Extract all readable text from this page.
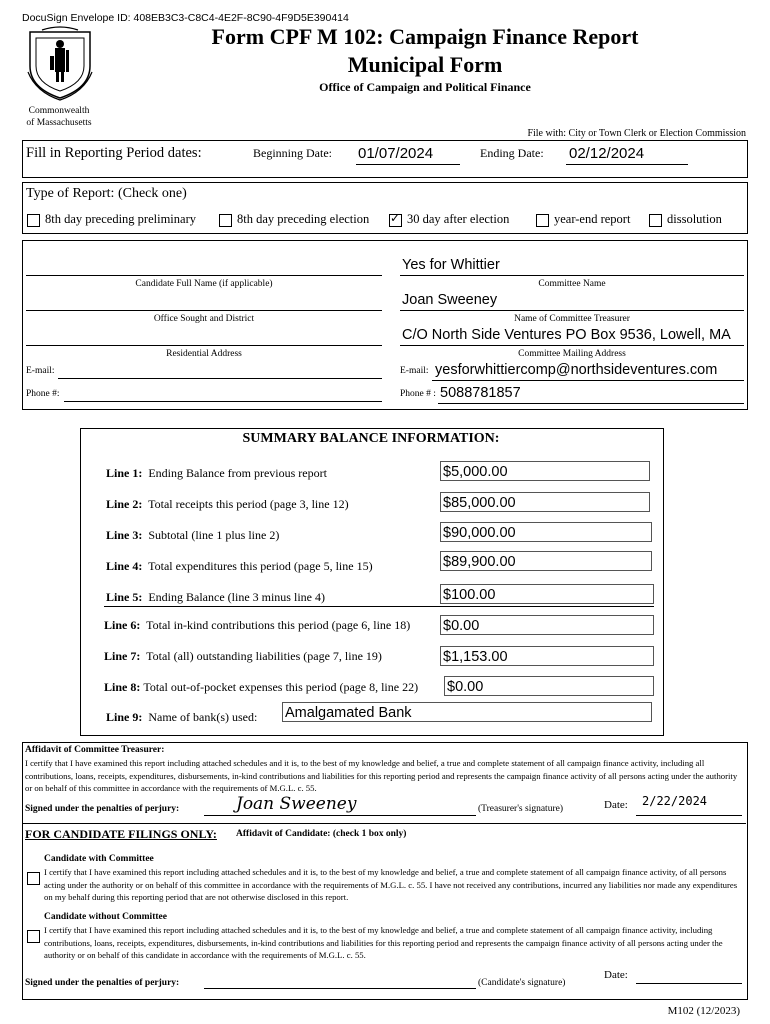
DocuSign Envelope ID: 408EB3C3-C8C4-4E2F-8C90-4F9D5E390414
Commonwealth
of Massachusetts
Form CPF M 102: Campaign Finance Report
Municipal Form
Office of Campaign and Political Finance
File with: City or Town Clerk or Election Commission
Fill in Reporting Period dates:	Beginning Date: 01/07/2024	Ending Date: 02/12/2024
Type of Report: (Check one)
8th day preceding preliminary	8th day preceding election
✓	30 day after election	year-end report	dissolution
Candidate Full Name (if applicable)
Office Sought and District
Residential Address
E-mail:
Phone #:
Yes for Whittier
Committee Name
Joan Sweeney
Name of Committee Treasurer
C/O North Side Ventures PO Box 9536, Lowell, MA
Committee Mailing Address
E-mail: yesforwhittiercomp@northsideventures.com
Phone # : 5088781857
SUMMARY BALANCE INFORMATION:
Line 1: Ending Balance from previous report	$5,000.00
Line 2: Total receipts this period (page 3, line 12)	$85,000.00
Line 3: Subtotal (line 1 plus line 2)	$90,000.00
Line 4: Total expenditures this period (page 5, line 15)	$89,900.00
Line 5: Ending Balance (line 3 minus line 4)	$100.00
Line 6: Total in-kind contributions this period (page 6, line 18) $0.00
Line 7: Total (all) outstanding liabilities (page 7, line 19)	$1,153.00
Line 8: Total out-of-pocket expenses this period (page 8, line 22) $0.00
Line 9: Name of bank(s) used: Amalgamated Bank
Affidavit of Committee Treasurer:
I certify that I have examined this report including attached schedules and it is, to the best of my knowledge and belief, a true and complete statement of all campaign finance activity, including all contributions, loans, receipts, expenditures, disbursements, in-kind contributions and liabilities for this reporting period and represents the campaign finance activity of all persons acting under the authority or on behalf of this committee in accordance with the requirements of M.G.L. c. 55.
Signed under the penalties of perjury:	Joan Sweeney	(Treasurer's signature)	Date: 2/22/2024
FOR CANDIDATE FILINGS ONLY: Affidavit of Candidate: (check 1 box only)
Candidate with Committee
I certify that I have examined this report including attached schedules and it is, to the best of my knowledge and belief, a true and complete statement of all campaign finance activity, of all persons acting under the authority or on behalf of this committee in accordance with the requirements of M.G.L. c. 55. I have not received any contributions, incurred any liabilities nor made any expenditures on my behalf during this reporting period that are not otherwise disclosed in this report.
Candidate without Committee
I certify that I have examined this report including attached schedules and it is, to the best of my knowledge and belief, a true and complete statement of all campaign finance activity, including contributions, loans, receipts, expenditures, disbursements, in-kind contributions and liabilities for this reporting period and represents the campaign finance activity of all persons acting under the authority or on behalf of this candidate in accordance with the requirements of M.G.L. c. 55.
Signed under the penalties of perjury:	(Candidate's signature)
Date:
M102 (12/2023)
